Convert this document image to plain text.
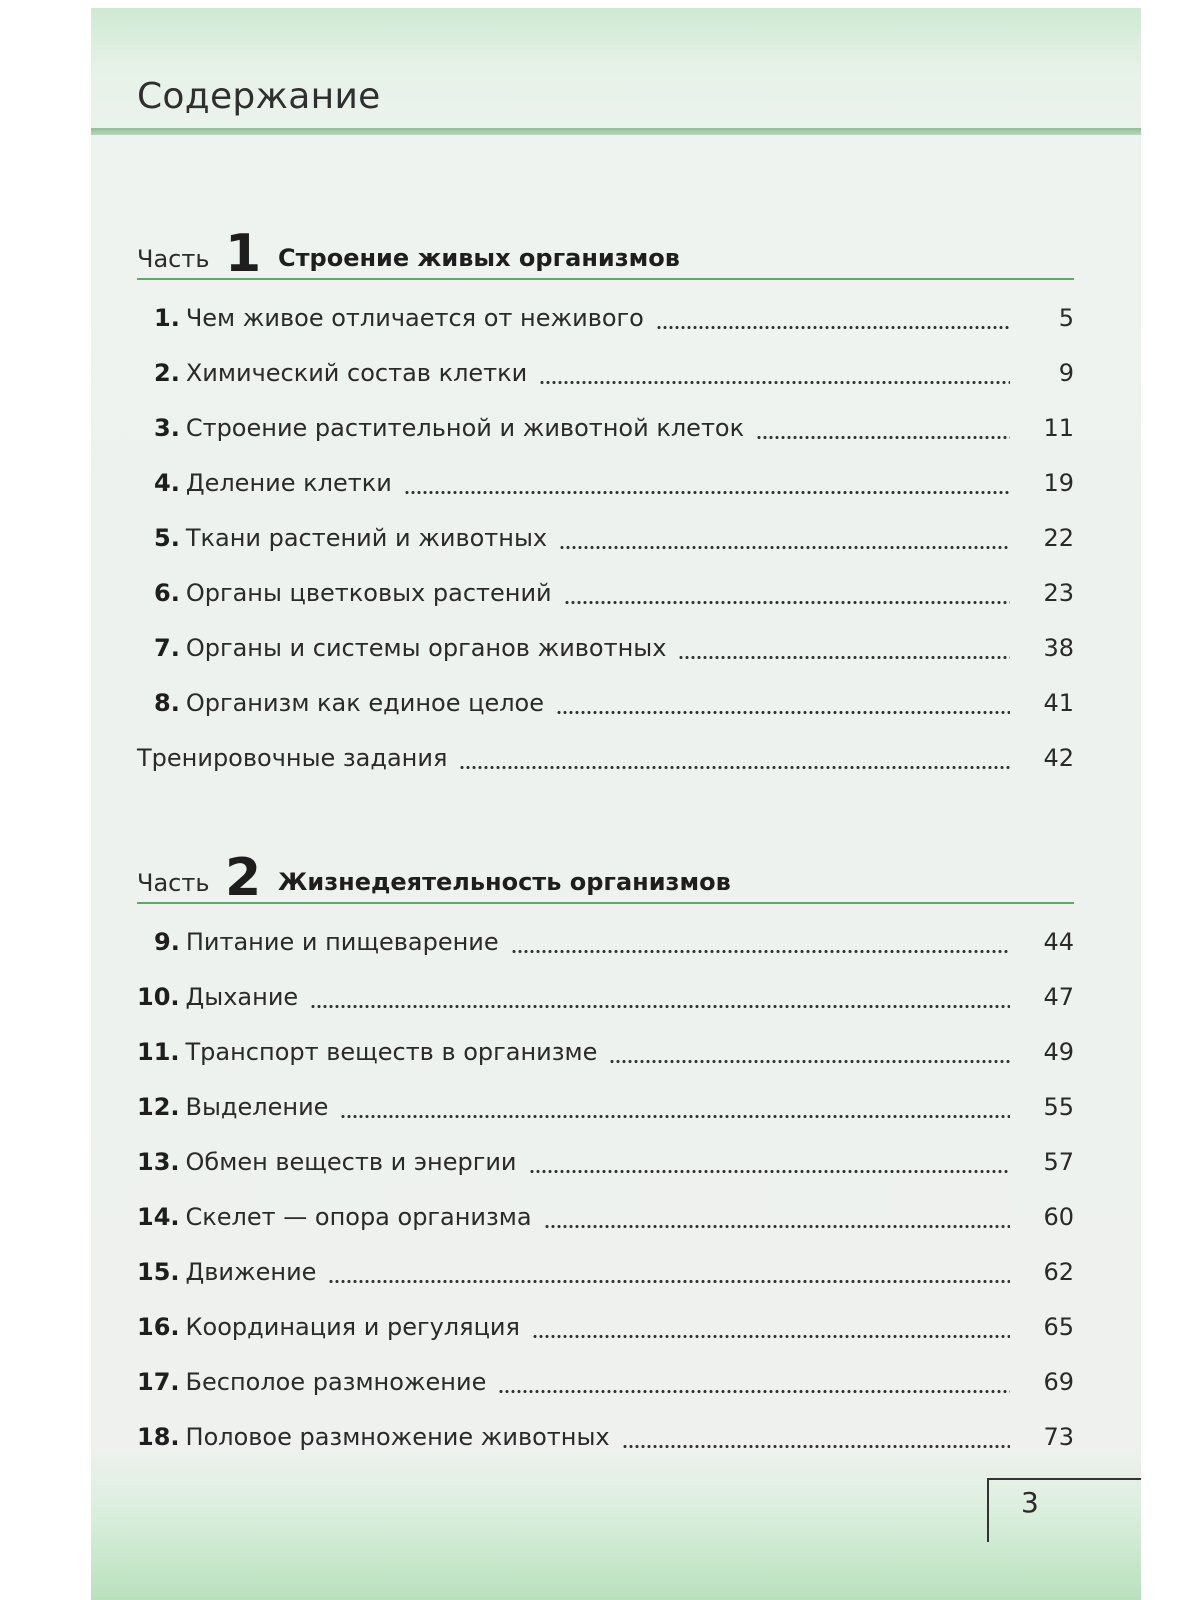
Содержание
Часть 1 Строение живых организмов
1. Чем живое отличается от неживого	5
2. Химический состав клетки	9
3. Строение растительной и животной клеток	11
4. Деление клетки	19
5. Ткани растений и животных	22
6. Органы цветковых растений	23
7. Органы и системы органов животных	38
8. Организм как единое целое	41
Тренировочные задания	42
Часть 2 Жизнедеятельность организмов
9. Питание и пищеварение	44
10. Дыхание	47
11. Транспорт веществ в организме	49
12. Выделение	55
13. Обмен веществ и энергии	57
14. Скелет — опора организма	60
15. Движение	62
16. Координация и регуляция	65
17. Бесполое размножение	69
18. Половое размножение животных	73
3
